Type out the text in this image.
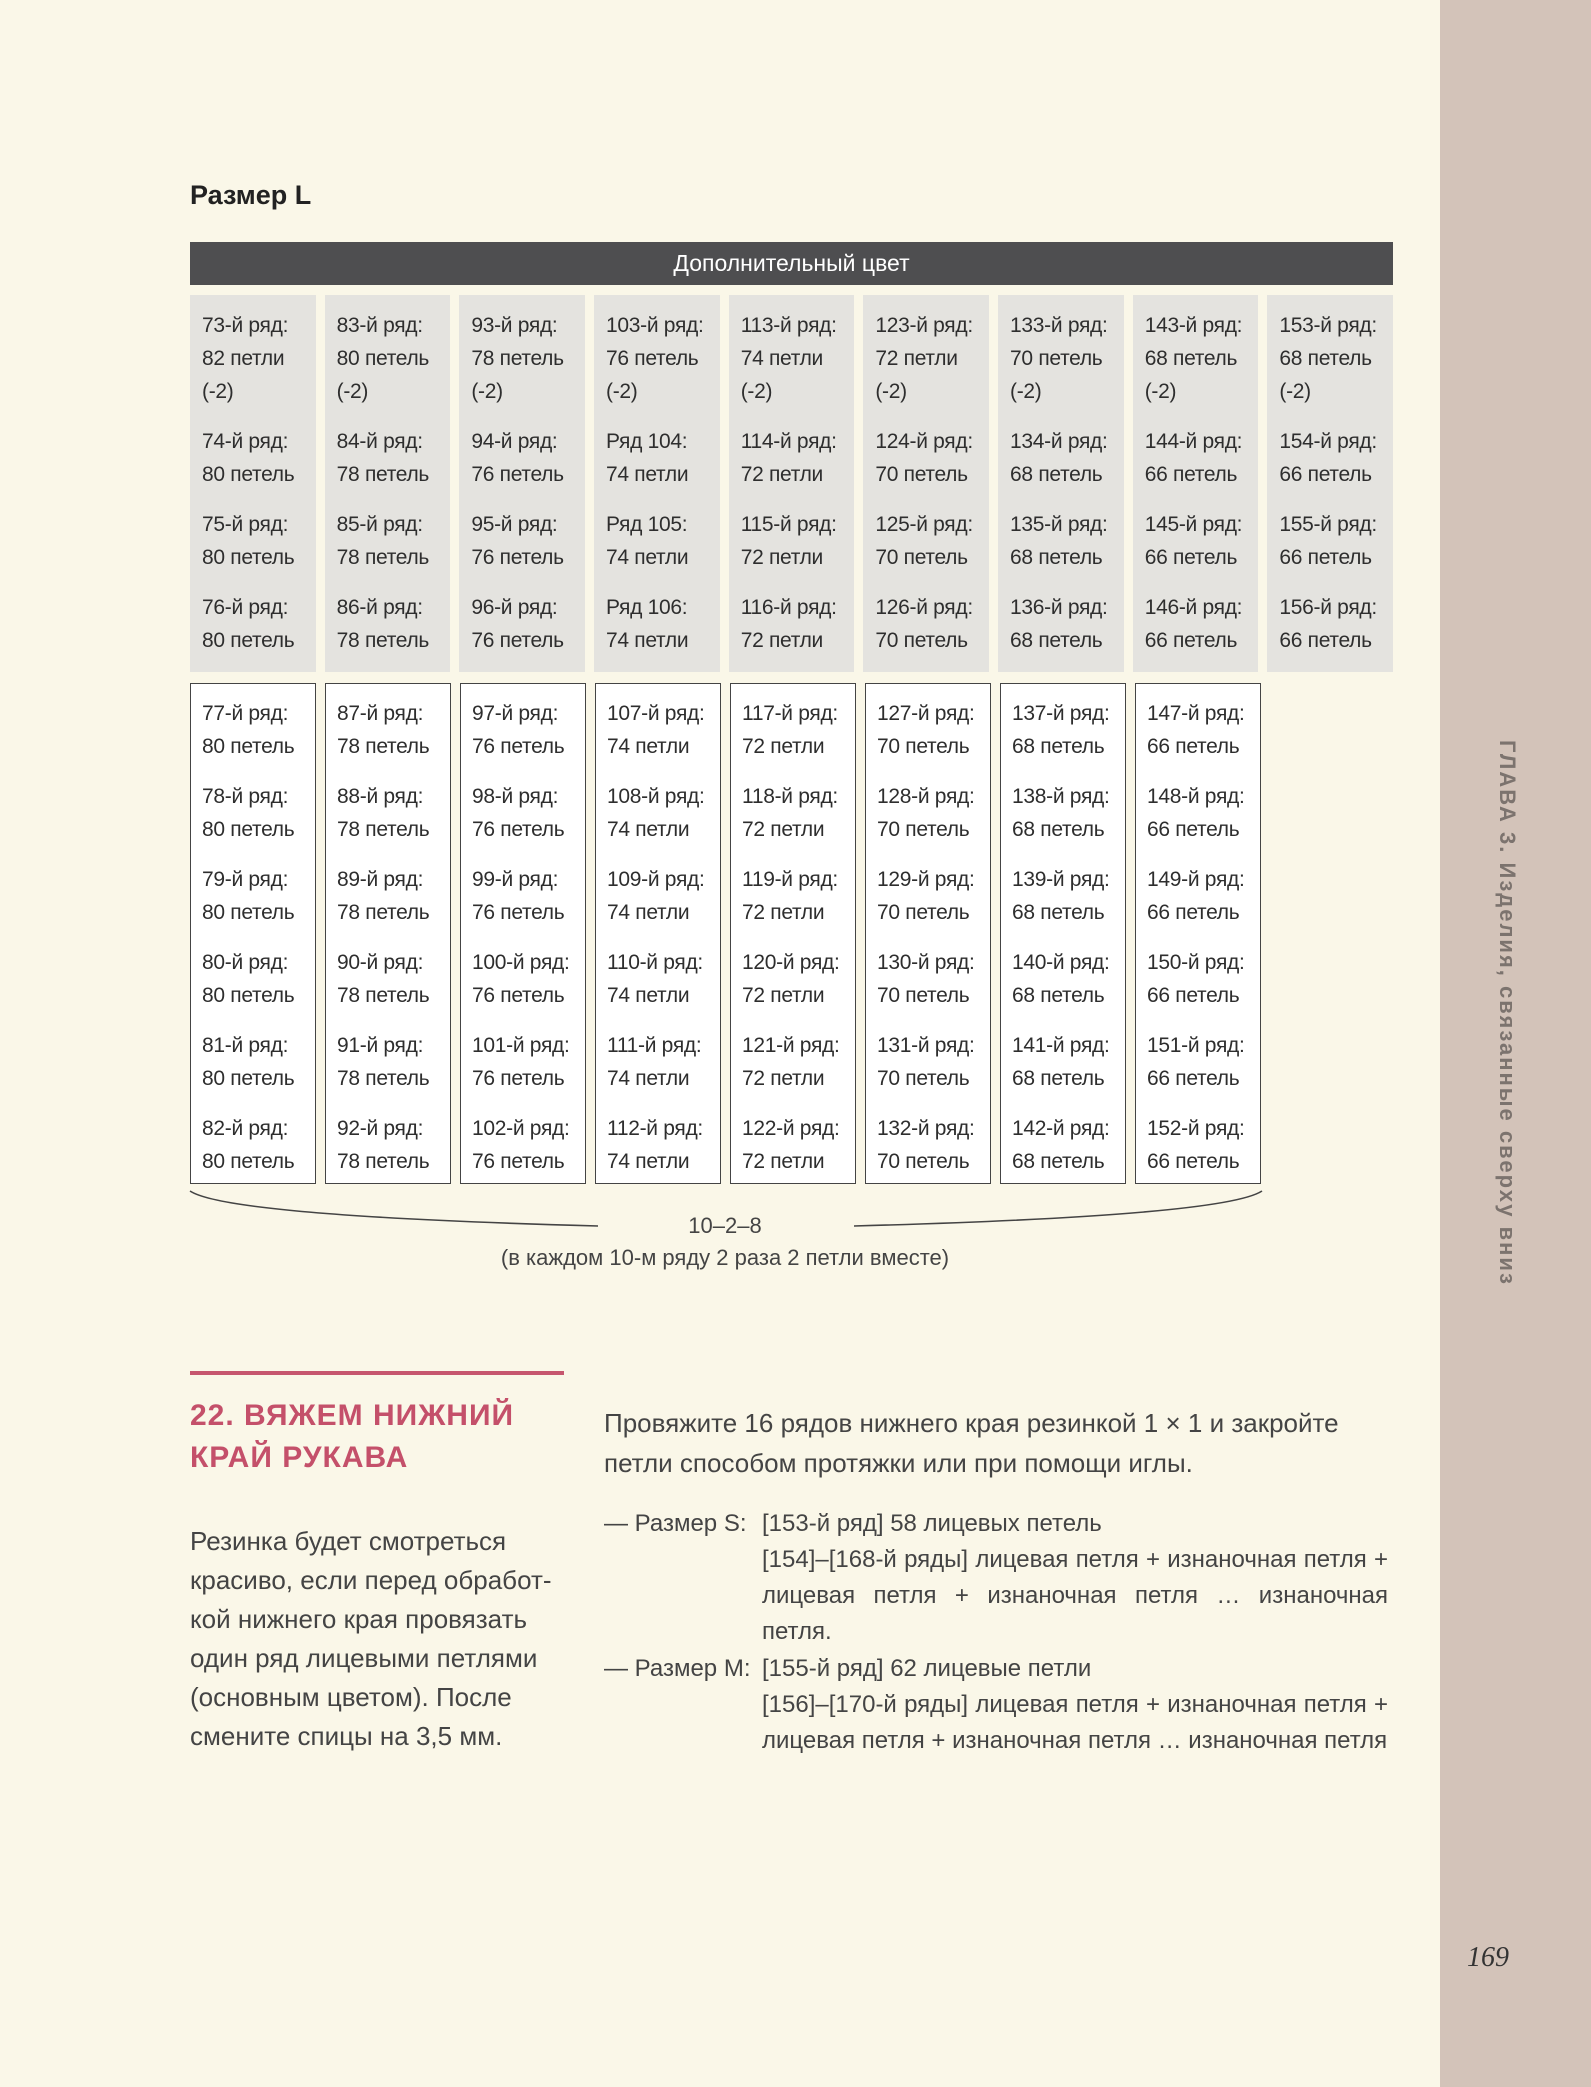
ГЛАВА 3. Изделия, связанные сверху вниз
169
Размер L
Дополнительный цвет
73-й ряд:
82 петли
(-2)
74-й ряд:
80 петель
75-й ряд:
80 петель
76-й ряд:
80 петель
83-й ряд:
80 петель
(-2)
84-й ряд:
78 петель
85-й ряд:
78 петель
86-й ряд:
78 петель
93-й ряд:
78 петель
(-2)
94-й ряд:
76 петель
95-й ряд:
76 петель
96-й ряд:
76 петель
103-й ряд:
76 петель
(-2)
Ряд 104:
74 петли
Ряд 105:
74 петли
Ряд 106:
74 петли
113-й ряд:
74 петли
(-2)
114-й ряд:
72 петли
115-й ряд:
72 петли
116-й ряд:
72 петли
123-й ряд:
72 петли
(-2)
124-й ряд:
70 петель
125-й ряд:
70 петель
126-й ряд:
70 петель
133-й ряд:
70 петель
(-2)
134-й ряд:
68 петель
135-й ряд:
68 петель
136-й ряд:
68 петель
143-й ряд:
68 петель
(-2)
144-й ряд:
66 петель
145-й ряд:
66 петель
146-й ряд:
66 петель
153-й ряд:
68 петель
(-2)
154-й ряд:
66 петель
155-й ряд:
66 петель
156-й ряд:
66 петель
77-й ряд:
80 петель
78-й ряд:
80 петель
79-й ряд:
80 петель
80-й ряд:
80 петель
81-й ряд:
80 петель
82-й ряд:
80 петель
87-й ряд:
78 петель
88-й ряд:
78 петель
89-й ряд:
78 петель
90-й ряд:
78 петель
91-й ряд:
78 петель
92-й ряд:
78 петель
97-й ряд:
76 петель
98-й ряд:
76 петель
99-й ряд:
76 петель
100-й ряд:
76 петель
101-й ряд:
76 петель
102-й ряд:
76 петель
107-й ряд:
74 петли
108-й ряд:
74 петли
109-й ряд:
74 петли
110-й ряд:
74 петли
111-й ряд:
74 петли
112-й ряд:
74 петли
117-й ряд:
72 петли
118-й ряд:
72 петли
119-й ряд:
72 петли
120-й ряд:
72 петли
121-й ряд:
72 петли
122-й ряд:
72 петли
127-й ряд:
70 петель
128-й ряд:
70 петель
129-й ряд:
70 петель
130-й ряд:
70 петель
131-й ряд:
70 петель
132-й ряд:
70 петель
137-й ряд:
68 петель
138-й ряд:
68 петель
139-й ряд:
68 петель
140-й ряд:
68 петель
141-й ряд:
68 петель
142-й ряд:
68 петель
147-й ряд:
66 петель
148-й ряд:
66 петель
149-й ряд:
66 петель
150-й ряд:
66 петель
151-й ряд:
66 петель
152-й ряд:
66 петель
10–2–8
(в каждом 10-м ряду 2 раза 2 петли вместе)
22. ВЯЖЕМ НИЖНИЙ КРАЙ РУКАВА
Резинка будет смотреться красиво, если перед обработкой нижнего края провязать один ряд лицевыми петлями (основным цветом). После смените спицы на 3,5 мм.
Провяжите 16 рядов нижнего края резинкой 1 × 1 и закройте петли способом протяжки или при помощи иглы.
— Размер S: [153-й ряд] 58 лицевых петель
[154]–[168-й ряды] лицевая петля + изнаночная петля + лицевая петля + изнаночная петля … изнаночная петля.
— Размер M: [155-й ряд] 62 лицевые петли
[156]–[170-й ряды] лицевая петля + изнаночная петля + лицевая петля + изнаночная петля … изнаночная петля
